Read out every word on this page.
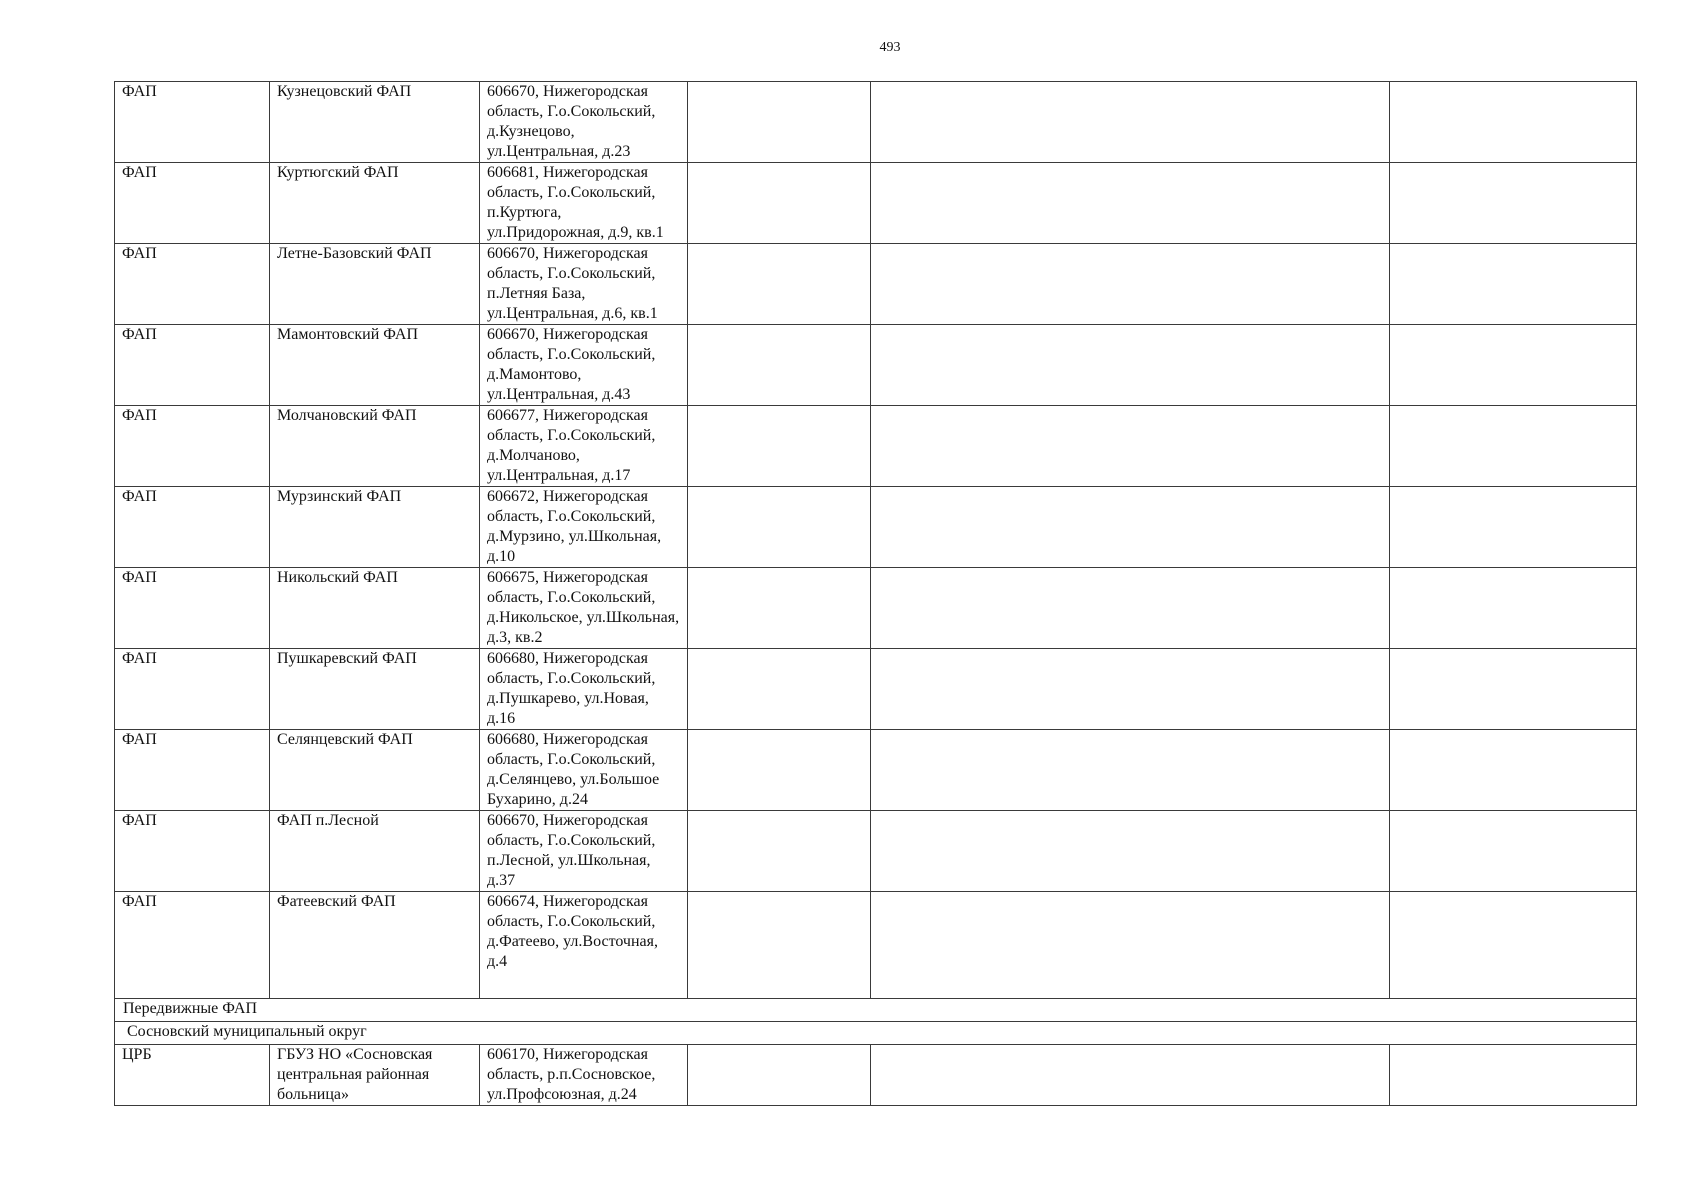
493
ФАП	Кузнецовский ФАП	606670, Нижегородская область, Г.о.Сокольский, д.Кузнецово, ул.Центральная, д.23			
ФАП	Куртюгский ФАП	606681, Нижегородская область, Г.о.Сокольский, п.Куртюга, ул.Придорожная, д.9, кв.1			
ФАП	Летне-Базовский ФАП	606670, Нижегородская область, Г.о.Сокольский, п.Летняя База, ул.Центральная, д.6, кв.1			
ФАП	Мамонтовский ФАП	606670, Нижегородская область, Г.о.Сокольский, д.Мамонтово, ул.Центральная, д.43			
ФАП	Молчановский ФАП	606677, Нижегородская область, Г.о.Сокольский, д.Молчаново, ул.Центральная, д.17			
ФАП	Мурзинский ФАП	606672, Нижегородская область, Г.о.Сокольский, д.Мурзино, ул.Школьная, д.10			
ФАП	Никольский ФАП	606675, Нижегородская область, Г.о.Сокольский, д.Никольское, ул.Школьная, д.3, кв.2			
ФАП	Пушкаревский ФАП	606680, Нижегородская область, Г.о.Сокольский, д.Пушкарево, ул.Новая, д.16			
ФАП	Селянцевский ФАП	606680, Нижегородская область, Г.о.Сокольский, д.Селянцево, ул.Большое Бухарино, д.24			
ФАП	ФАП п.Лесной	606670, Нижегородская область, Г.о.Сокольский, п.Лесной, ул.Школьная, д.37			
ФАП	Фатеевский ФАП	606674, Нижегородская область, Г.о.Сокольский, д.Фатеево, ул.Восточная, д.4			
Передвижные ФАП					
Сосновский муниципальный округ					
ЦРБ	ГБУЗ НО «Сосновская центральная районная больница»	606170, Нижегородская область, р.п.Сосновское, ул.Профсоюзная, д.24			
